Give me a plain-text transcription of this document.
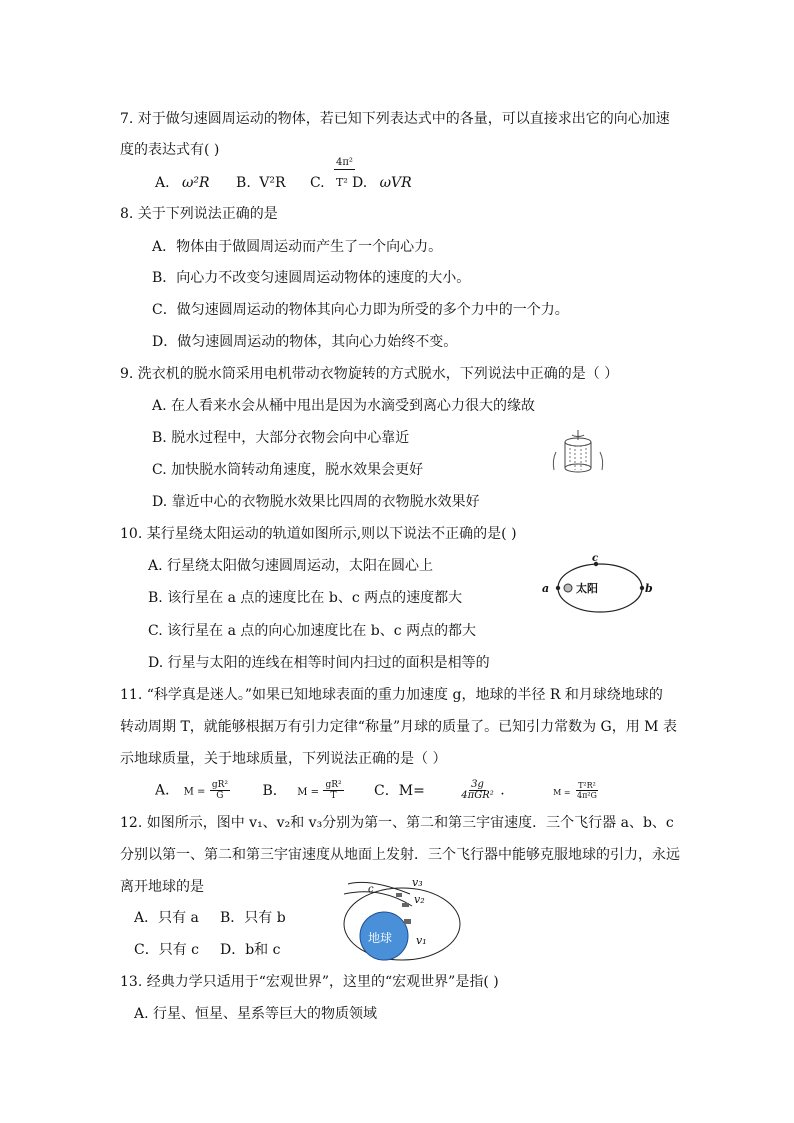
7. 对于做匀速圆周运动的物体，若已知下列表达式中的各量，可以直接求出它的向心加速
度的表达式有( )
A. ω²R B. V²R C.
4π²
T² D. ωVR
8. 关于下列说法正确的是
A．物体由于做圆周运动而产生了一个向心力。
B．向心力不改变匀速圆周运动物体的速度的大小。
C．做匀速圆周运动的物体其向心力即为所受的多个力中的一个力。
D．做匀速圆周运动的物体，其向心力始终不变。
9. 洗衣机的脱水筒采用电机带动衣物旋转的方式脱水，下列说法中正确的是（ ）
A. 在人看来水会从桶中甩出是因为水滴受到离心力很大的缘故
B. 脱水过程中，大部分衣物会向中心靠近
C. 加快脱水筒转动角速度，脱水效果会更好
D. 靠近中心的衣物脱水效果比四周的衣物脱水效果好
10. 某行星绕太阳运动的轨道如图所示,则以下说法不正确的是( )
A. 行星绕太阳做匀速圆周运动，太阳在圆心上
B. 该行星在 a 点的速度比在 b、c 两点的速度都大
C. 该行星在 a 点的向心加速度比在 b、c 两点的都大
D. 行星与太阳的连线在相等时间内扫过的面积是相等的
太阳
a	b
c
11. “科学真是迷人。”如果已知地球表面的重力加速度 g，地球的半径 R 和月球绕地球的
转动周期 T，就能够根据万有引力定律“称量”月球的质量了。已知引力常数为 G，用 M 表
示地球质量，关于地球质量，下列说法正确的是（ ）
A． $M = \frac{\text{gR²}}{G}$ B． $M = \frac{\text{gR²}}{T}$ C．M=	$\frac{3g}{\text{4πGR²}}$ .	$M = \frac{\text{T²R²}}{\text{4π²G}}$
12. 如图所示，图中 v₁、v₂和 v₃分别为第一、第二和第三宇宙速度．三个飞行器 a、b、c
分别以第一、第二和第三宇宙速度从地面上发射．三个飞行器中能够克服地球的引力，永远
离开地球的是
A．只有 a B．只有 b
C．只有 c D．b和 c
地球
v₃
v₂
v₁
c
13. 经典力学只适用于“宏观世界”，这里的“宏观世界”是指( )
A. 行星、恒星、星系等巨大的物质领域
